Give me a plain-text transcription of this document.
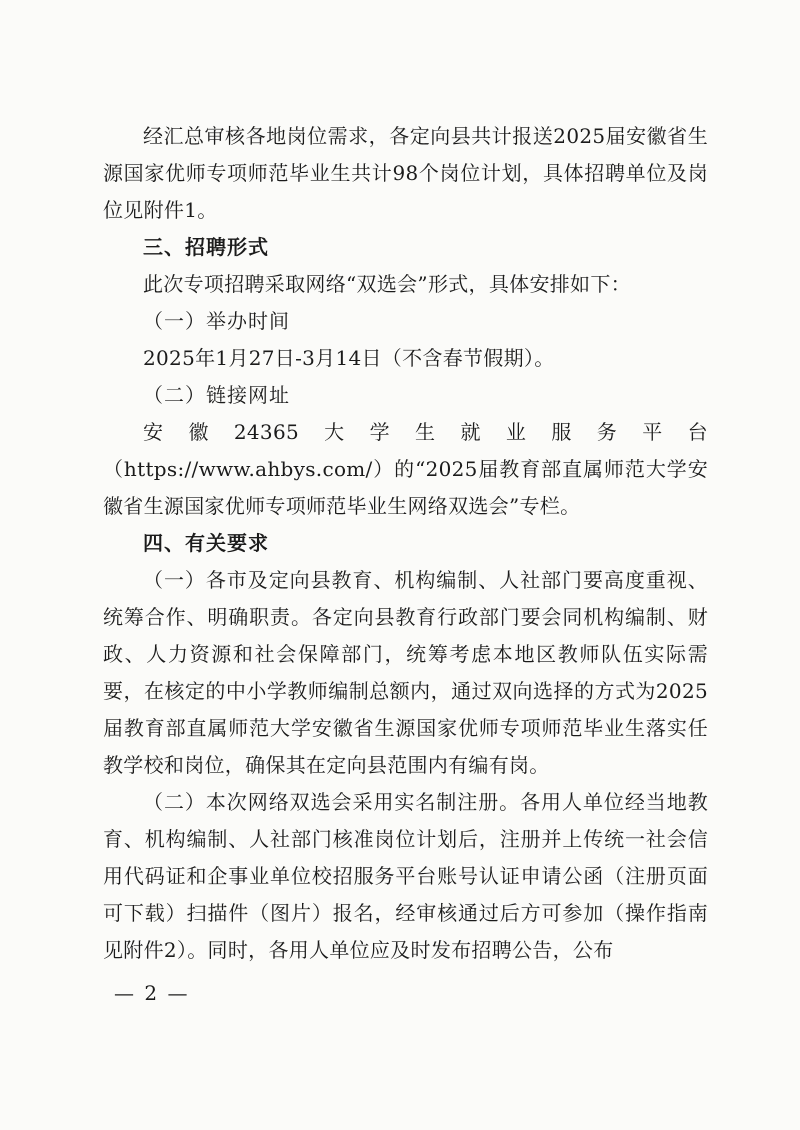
经汇总审核各地岗位需求，各定向县共计报送2025届安徽省生源国家优师专项师范毕业生共计98个岗位计划，具体招聘单位及岗位见附件1。

三、招聘形式

此次专项招聘采取网络“双选会”形式，具体安排如下：

（一）举办时间

2025年1月27日-3月14日（不含春节假期）。

（二）链接网址

安徽24365大学生就业服务平台（https://www.ahbys.com/）的“2025届教育部直属师范大学安徽省生源国家优师专项师范毕业生网络双选会”专栏。

四、有关要求

（一）各市及定向县教育、机构编制、人社部门要高度重视、统筹合作、明确职责。各定向县教育行政部门要会同机构编制、财政、人力资源和社会保障部门，统筹考虑本地区教师队伍实际需要，在核定的中小学教师编制总额内，通过双向选择的方式为2025届教育部直属师范大学安徽省生源国家优师专项师范毕业生落实任教学校和岗位，确保其在定向县范围内有编有岗。

（二）本次网络双选会采用实名制注册。各用人单位经当地教育、机构编制、人社部门核准岗位计划后，注册并上传统一社会信用代码证和企事业单位校招服务平台账号认证申请公函（注册页面可下载）扫描件（图片）报名，经审核通过后方可参加（操作指南见附件2）。同时，各用人单位应及时发布招聘公告，公布

— 2 —
